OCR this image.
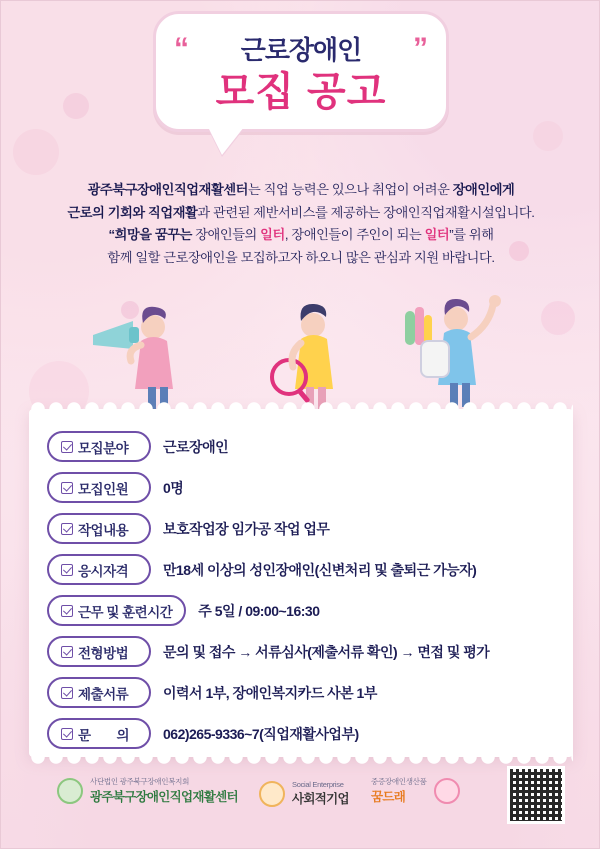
“	”
근로장애인
모집 공고
광주북구장애인직업재활센터는 직업 능력은 있으나 취업이 어려운 장애인에게
근로의 기회와 직업재활과 관련된 제반서비스를 제공하는 장애인직업재활시설입니다.
“희망을 꿈꾸는 장애인들의 일터, 장애인들이 주인이 되는 일터”를 위해
함께 일할 근로장애인을 모집하고자 하오니 많은 관심과 지원 바랍니다.
모집분야 근로장애인
모집인원 0명
작업내용 보호작업장 임가공 작업 업무
응시자격 만18세 이상의 성인장애인(신변처리 및 출퇴근 가능자)
근무 및 훈련시간 주 5일 / 09:00~16:30
전형방법 문의 및 접수 → 서류심사(제출서류 확인) → 면접 및 평가
제출서류 이력서 1부, 장애인복지카드 사본 1부
문  의 062)265-9336~7(직업재활사업부)
사단법인 광주북구장애인복지회
광주북구장애인직업재활센터
Social Enterprise
사회적기업
중증장애인생산품
꿈드래
